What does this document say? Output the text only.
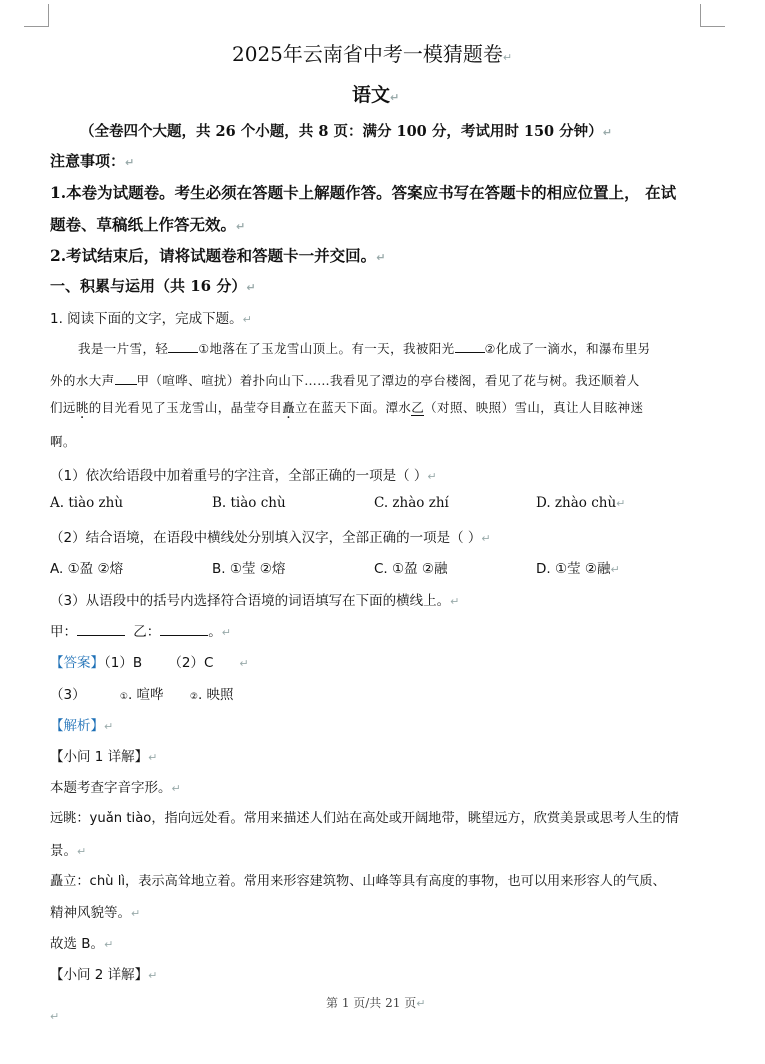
2025年云南省中考一模猜题卷↵
语文↵
（全卷四个大题，共 26 个小题，共 8 页：满分 100 分，考试用时 150 分钟）↵
注意事项：↵
1.本卷为试题卷。考生必须在答题卡上解题作答。答案应书写在答题卡的相应位置上， 在试
题卷、草稿纸上作答无效。↵
2.考试结束后，请将试题卷和答题卡一并交回。↵
一、积累与运用（共 16 分）↵
1. 阅读下面的文字，完成下题。↵
我是一片雪，轻	①地落在了玉龙雪山顶上。有一天，我被阳光	②化成了一滴水，和瀑布里另
外的水大声 甲（喧哗、喧扰）着扑向山下……我看见了潭边的亭台楼阁，看见了花与树。我还顺着人
们远眺的目光看见了玉龙雪山，晶莹夺目矗立在蓝天下面。潭水乙（对照、映照）雪山，真让人目眩神迷
啊。
（1）依次给语段中加着重号的字注音，全部正确的一项是（ ）↵
A. tiào zhù	B. tiào chù	C. zhào zhí	D. zhào chù↵
（2）结合语境，在语段中横线处分别填入汉字，全部正确的一项是（ ）↵
A. ①盈 ②熔	B. ①莹 ②熔	C. ①盈 ②融	D. ①莹 ②融↵
（3）从语段中的括号内选择符合语境的词语填写在下面的横线上。↵
甲：	乙：	。↵
【答案】（1）B （2）C ↵
（3）	①. 喧哗	②. 映照
【解析】↵
【小问 1 详解】↵
本题考查字音字形。↵
远眺：yuǎn tiào，指向远处看。常用来描述人们站在高处或开阔地带，眺望远方，欣赏美景或思考人生的情
景。↵
矗立：chù lì，表示高耸地立着。常用来形容建筑物、山峰等具有高度的事物，也可以用来形容人的气质、
精神风貌等。↵
故选 B。↵
【小问 2 详解】↵
第 1 页/共 21 页↵
↵
